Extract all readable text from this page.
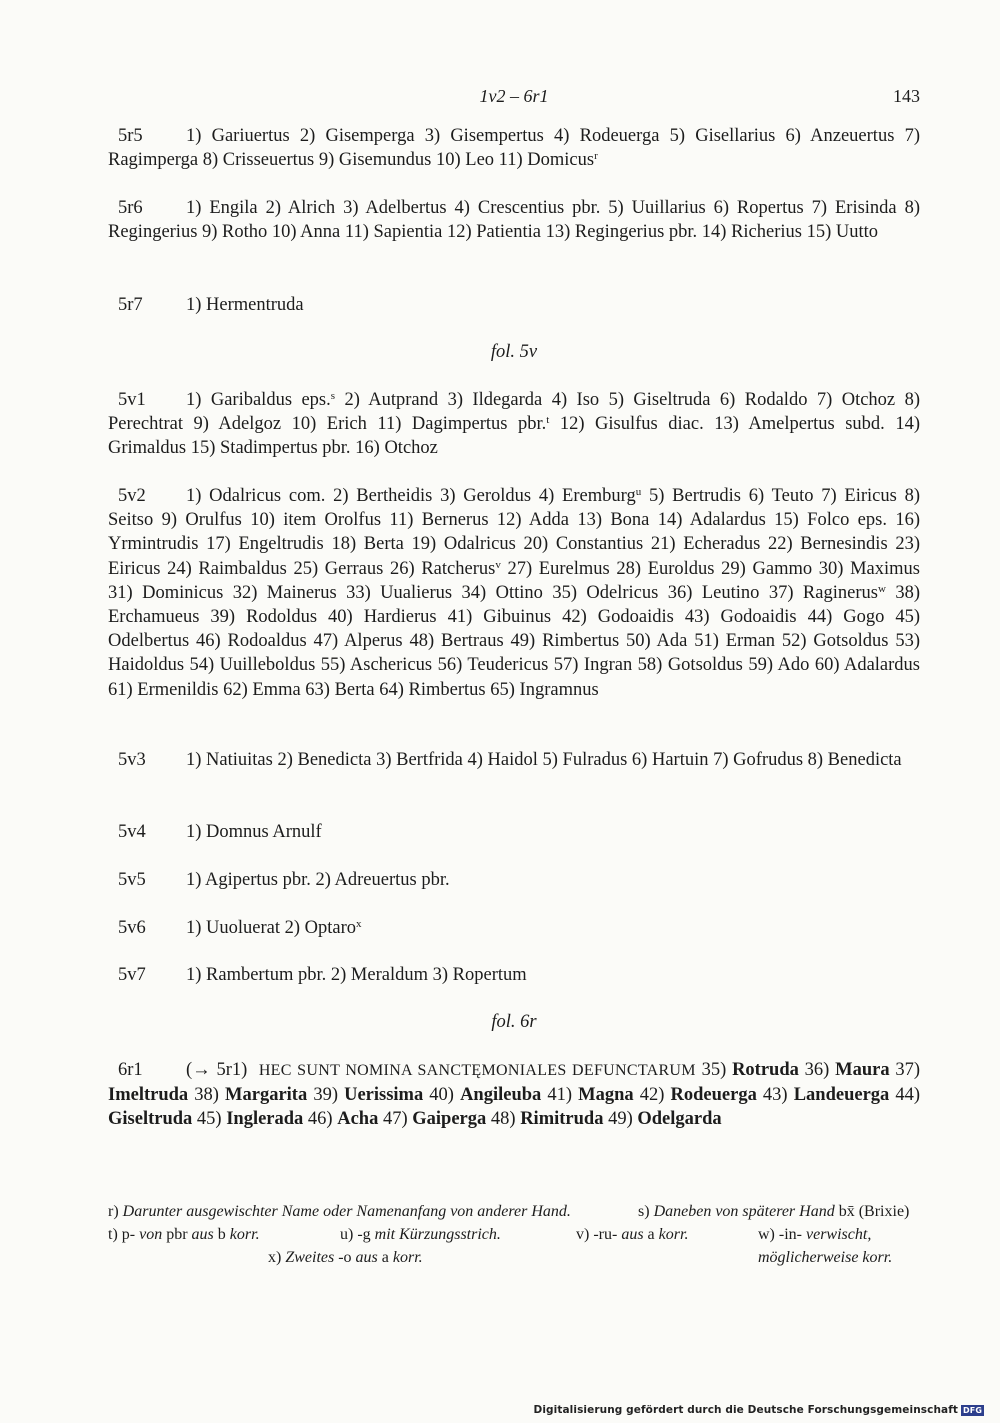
1v2 – 6r1	143
5r5 1) Gariuertus 2) Gisemperga 3) Gisempertus 4) Rodeuerga 5) Gisellarius 6) Anzeuertus 7) Ragimperga 8) Crisseuertus 9) Gisemundus 10) Leo 11) Domicus$^r$
5r6 1) Engila 2) Alrich 3) Adelbertus 4) Crescentius pbr. 5) Uuillarius 6) Ropertus 7) Erisinda 8) Regingerius 9) Rotho 10) Anna 11) Sapientia 12) Patientia 13) Regingerius pbr. 14) Richerius 15) Uutto
5r7 1) Hermentruda
fol. 5v
5v1 1) Garibaldus eps.$^s$ 2) Autprand 3) Ildegarda 4) Iso 5) Giseltruda 6) Rodaldo 7) Otchoz 8) Perechtrat 9) Adelgoz 10) Erich 11) Dagimpertus pbr.$^t$ 12) Gisulfus diac. 13) Amelpertus subd. 14) Grimaldus 15) Stadimpertus pbr. 16) Otchoz
5v2 1) Odalricus com. 2) Bertheidis 3) Geroldus 4) Eremburg$^u$ 5) Bertrudis 6) Teuto 7) Eiricus 8) Seitso 9) Orulfus 10) item Orolfus 11) Bernerus 12) Adda 13) Bona 14) Adalardus 15) Folco eps. 16) Yrmintrudis 17) Engeltrudis 18) Berta 19) Odalricus 20) Constantius 21) Echeradus 22) Bernesindis 23) Eiricus 24) Raimbaldus 25) Gerraus 26) Ratcherus$^v$ 27) Eurelmus 28) Euroldus 29) Gammo 30) Maximus 31) Dominicus 32) Mainerus 33) Uualierus 34) Ottino 35) Odelricus 36) Leutino 37) Raginerus$^w$ 38) Erchamueus 39) Rodoldus 40) Hardierus 41) Gibuinus 42) Godoaidis 43) Godoaidis 44) Gogo 45) Odelbertus 46) Rodoaldus 47) Alperus 48) Bertraus 49) Rimbertus 50) Ada 51) Erman 52) Gotsoldus 53) Haidoldus 54) Uuilleboldus 55) Aschericus 56) Teudericus 57) Ingran 58) Gotsoldus 59) Ado 60) Adalardus 61) Ermenildis 62) Emma 63) Berta 64) Rimbertus 65) Ingramnus
5v3 1) Natiuitas 2) Benedicta 3) Bertfrida 4) Haidol 5) Fulradus 6) Hartuin 7) Gofrudus 8) Benedicta
5v4 1) Domnus Arnulf
5v5 1) Agipertus pbr. 2) Adreuertus pbr.
5v6 1) Uuoluerat 2) Optaro$^x$
5v7 1) Rambertum pbr. 2) Meraldum 3) Ropertum
fol. 6r
6r1 (→ 5r1) HEC SUNT NOMINA SANCTĘMONIALES DEFUNCTARUM 35) Rotruda 36) Maura 37) Imeltruda 38) Margarita 39) Uerissima 40) Angileuba 41) Magna 42) Rodeuerga 43) Landeuerga 44) Giseltruda 45) Inglerada 46) Acha 47) Gaiperga 48) Rimitruda 49) Odelgarda
r) Darunter ausgewischter Name oder Namenanfang von anderer Hand.	s) Daneben von späterer Hand bx̄ (Brixie)
t) p- von pbr aus b korr.	u) -g mit Kürzungsstrich.	v) -ru- aus a korr.	w) -in- verwischt, möglicherweise korr.
x) Zweites -o aus a korr.
Digitalisierung gefördert durch die Deutsche Forschungsgemeinschaft DFG
